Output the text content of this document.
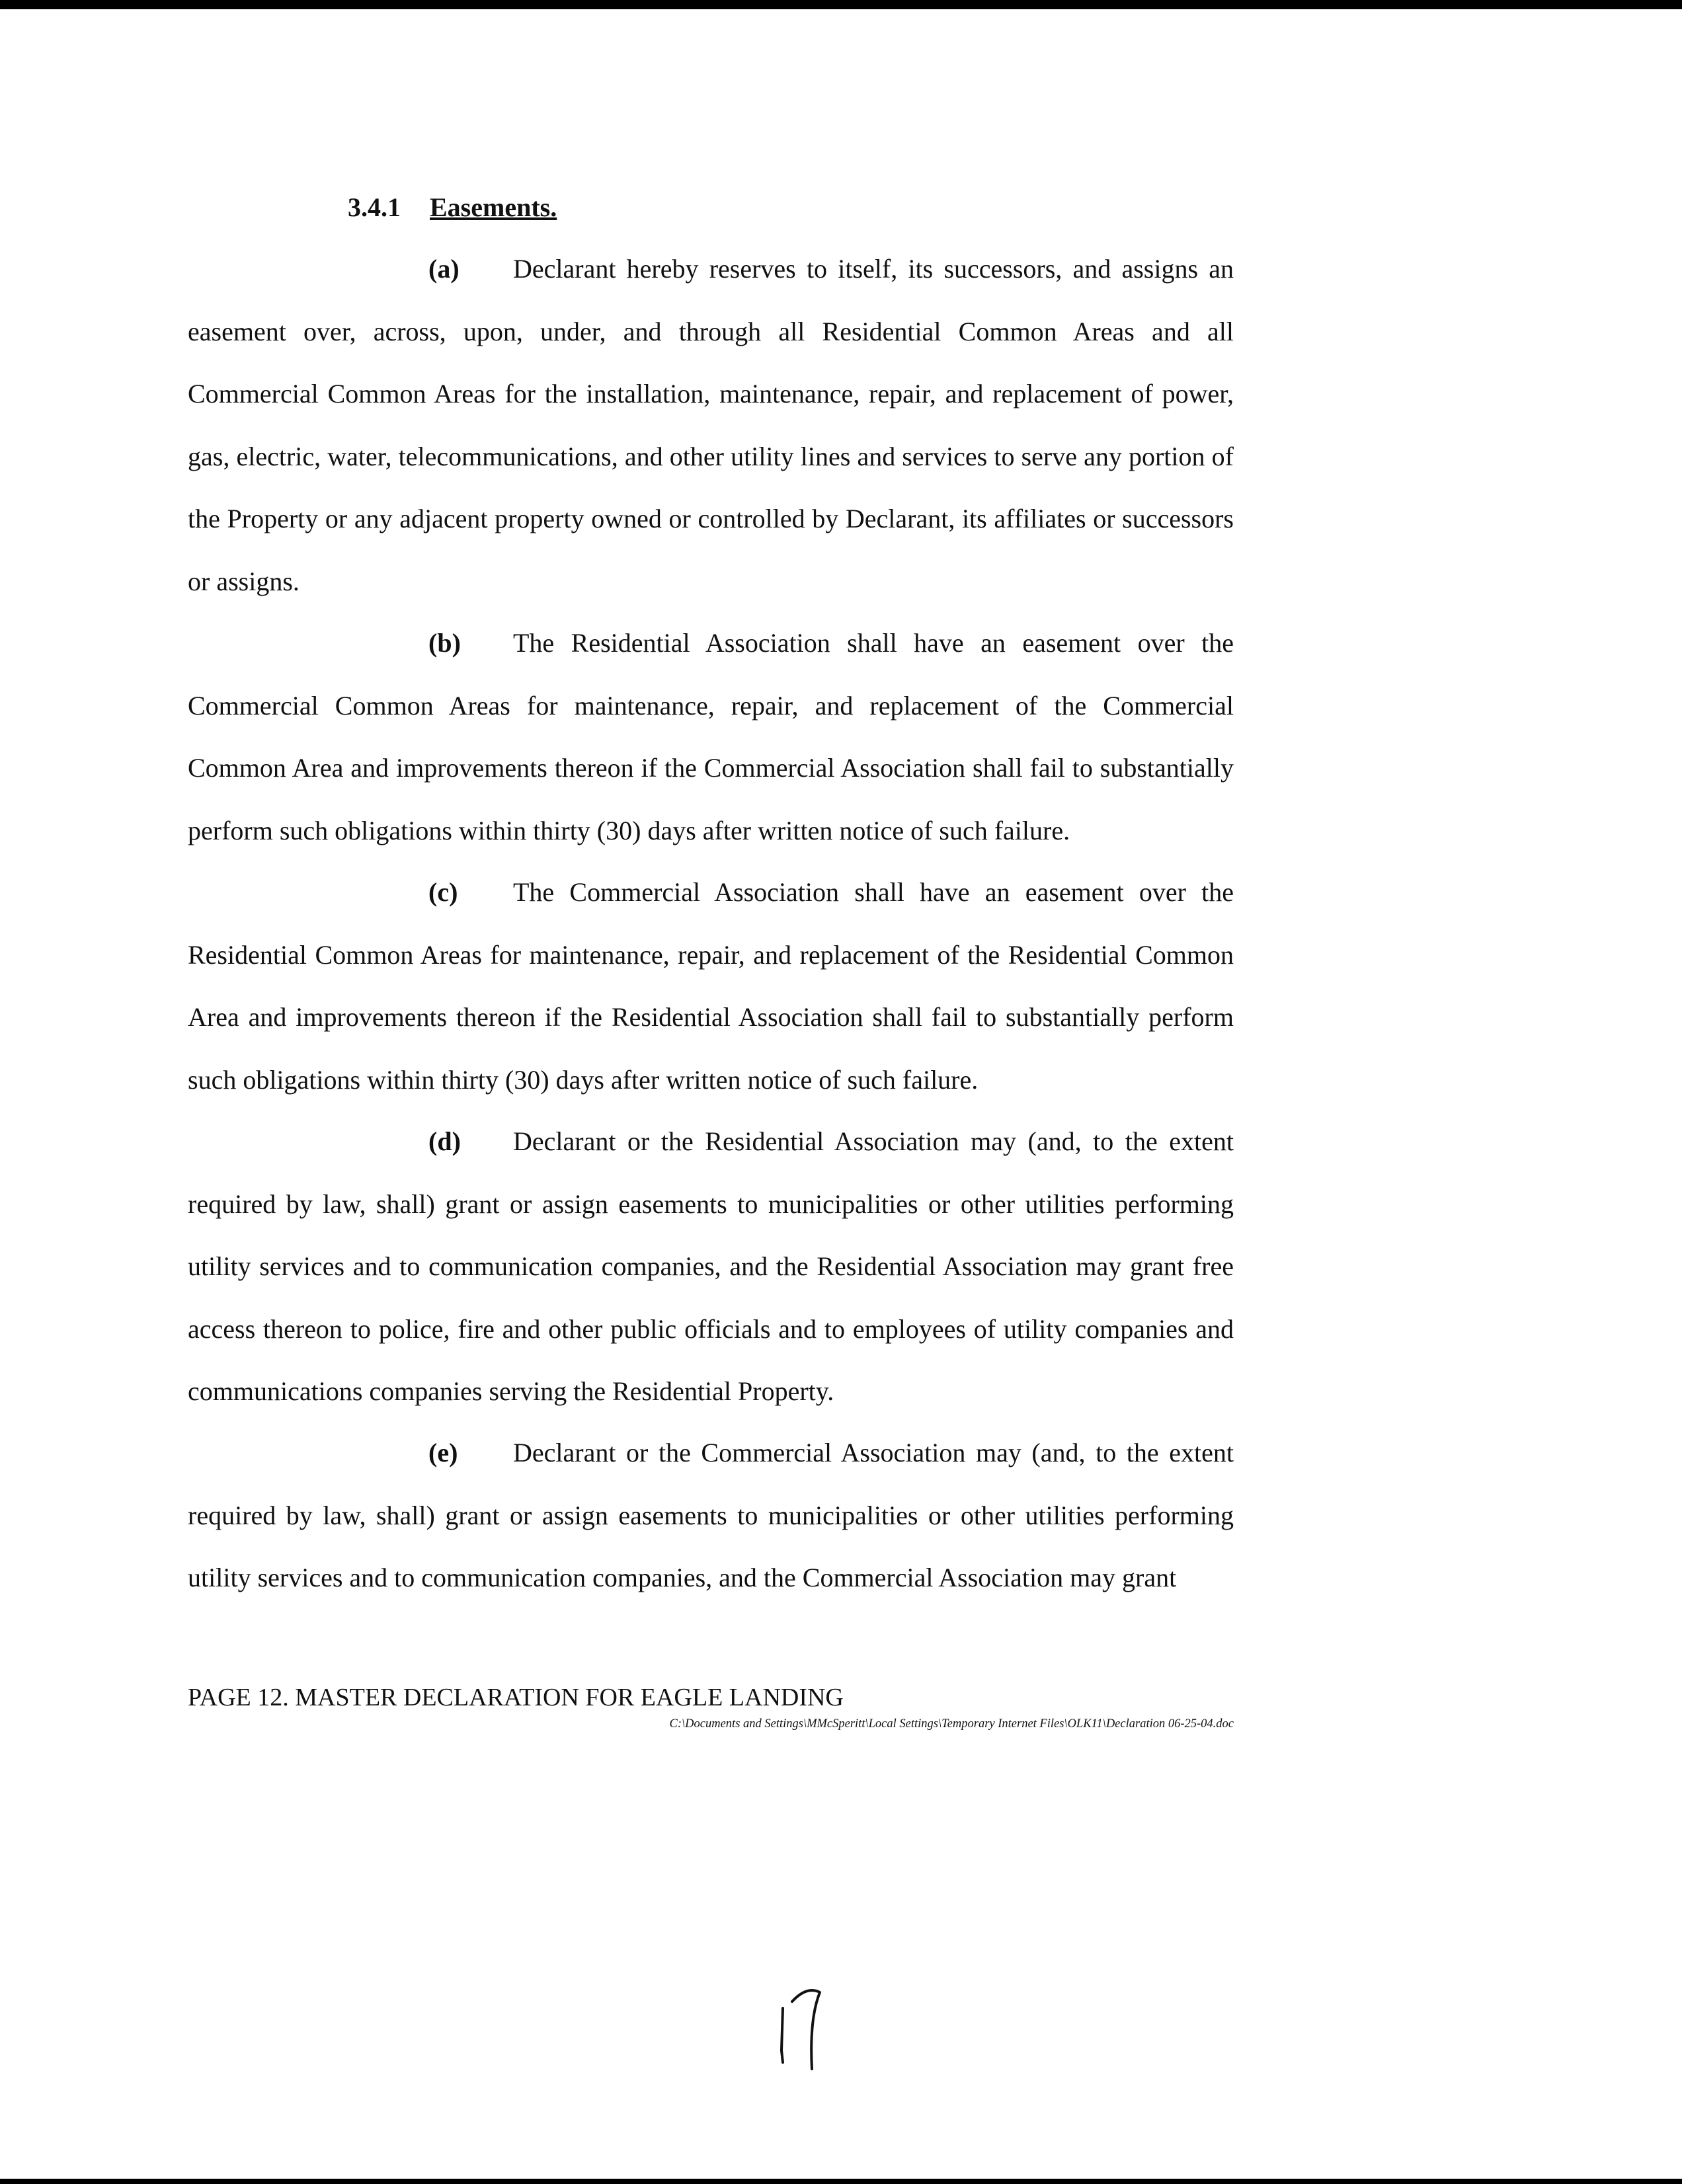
3.4.1 Easements.

(a) Declarant hereby reserves to itself, its successors, and assigns an easement over, across, upon, under, and through all Residential Common Areas and all Commercial Common Areas for the installation, maintenance, repair, and replacement of power, gas, electric, water, telecommunications, and other utility lines and services to serve any portion of the Property or any adjacent property owned or controlled by Declarant, its affiliates or successors or assigns.

(b) The Residential Association shall have an easement over the Commercial Common Areas for maintenance, repair, and replacement of the Commercial Common Area and improvements thereon if the Commercial Association shall fail to substantially perform such obligations within thirty (30) days after written notice of such failure.

(c) The Commercial Association shall have an easement over the Residential Common Areas for maintenance, repair, and replacement of the Residential Common Area and improvements thereon if the Residential Association shall fail to substantially perform such obligations within thirty (30) days after written notice of such failure.

(d) Declarant or the Residential Association may (and, to the extent required by law, shall) grant or assign easements to municipalities or other utilities performing utility services and to communication companies, and the Residential Association may grant free access thereon to police, fire and other public officials and to employees of utility companies and communications companies serving the Residential Property.

(e) Declarant or the Commercial Association may (and, to the extent required by law, shall) grant or assign easements to municipalities or other utilities performing utility services and to communication companies, and the Commercial Association may grant

PAGE 12. MASTER DECLARATION FOR EAGLE LANDING
C:\Documents and Settings\MMcSperitt\Local Settings\Temporary Internet Files\OLK11\Declaration 06-25-04.doc
